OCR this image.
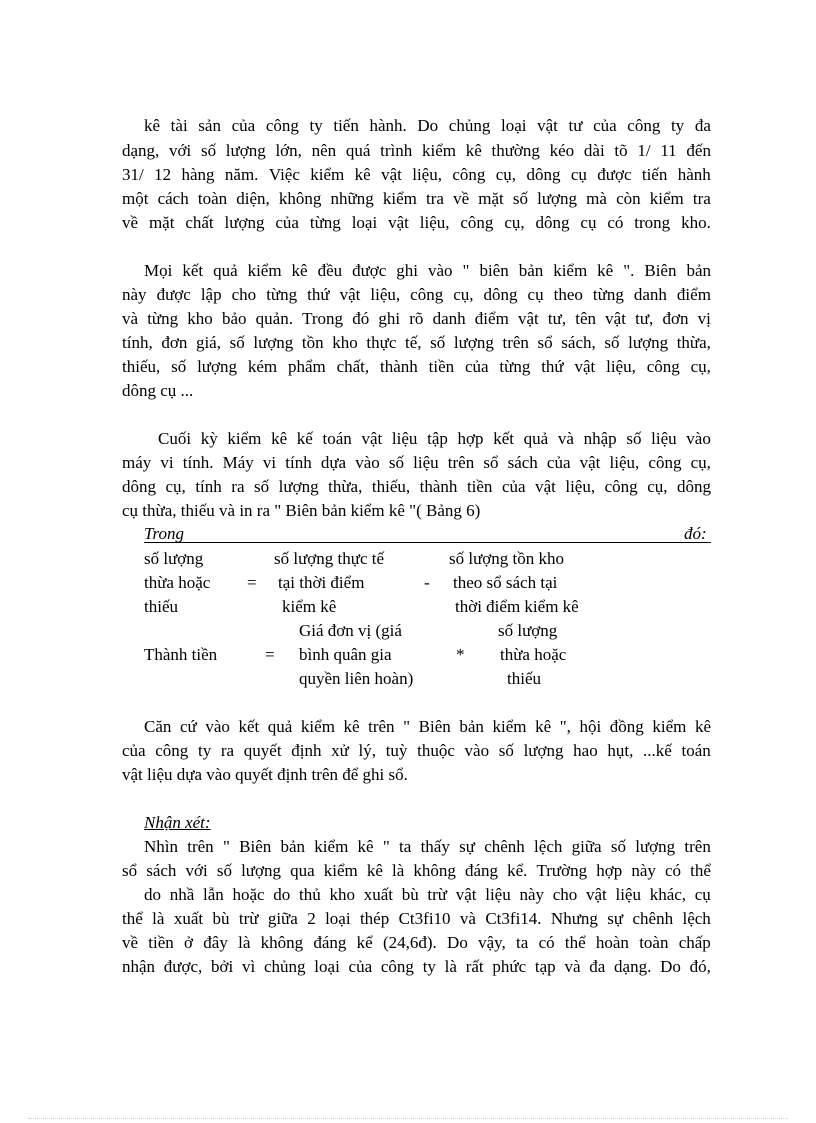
kê tài sản của công ty tiến hành. Do chủng loại vật tư của công ty đa
dạng, với số lượng lớn, nên quá trình kiểm kê thường kéo dài tõ 1/ 11 đến
31/ 12 hàng năm. Việc kiểm kê vật liệu, công cụ, dông cụ được tiến hành
một cách toàn diện, không những kiểm tra về mặt số lượng mà còn kiểm tra
về mặt chất lượng của từng loại vật liệu, công cụ, dông cụ có trong kho.
Mọi kết quả kiểm kê đều được ghi vào " biên bản kiểm kê ". Biên bản
này được lập cho từng thứ vật liệu, công cụ, dông cụ theo từng danh điểm
và từng kho bảo quản. Trong đó ghi rõ danh điểm vật tư, tên vật tư, đơn vị
tính, đơn giá, số lượng tồn kho thực tế, số lượng trên sổ sách, số lượng thừa,
thiếu, số lượng kém phẩm chất, thành tiền của từng thứ vật liệu, công cụ,
dông cụ ...
Cuối kỳ kiểm kê kế toán vật liệu tập hợp kết quả và nhập số liệu vào
máy vi tính. Máy vi tính dựa vào số liệu trên sổ sách của vật liệu, công cụ,
dông cụ, tính ra số lượng thừa, thiếu, thành tiền của vật liệu, công cụ, dông
cụ thừa, thiếu và in ra " Biên bản kiểm kê "( Bảng 6)
Trong	đó:
số lượng
thừa hoặc
thiếu
=
số lượng thực tế
tại thời điểm
kiểm kê
-
số lượng tồn kho
theo sổ sách tại
thời điểm kiểm kê
Thành tiền	=
Giá đơn vị (giá
bình quân gia
quyền liên hoàn)
*
số lượng
thừa hoặc
thiếu
Căn cứ vào kết quả kiểm kê trên " Biên bản kiểm kê ", hội đồng kiểm kê
của công ty ra quyết định xử lý, tuỳ thuộc vào số lượng hao hụt, ...kế toán
vật liệu dựa vào quyết định trên để ghi sổ.
Nhận xét:
Nhìn trên " Biên bản kiểm kê " ta thấy sự chênh lệch giữa số lượng trên
sổ sách với số lượng qua kiểm kê là không đáng kể. Trường hợp này có thể
do nhầ lẫn hoặc do thủ kho xuất bù trừ vật liệu này cho vật liệu khác, cụ
thể là xuất bù trừ giữa 2 loại thép Ct3fi10 và Ct3fi14. Nhưng sự chênh lệch
về tiền ở đây là không đáng kể (24,6đ). Do vậy, ta có thể hoàn toàn chấp
nhận được, bởi vì chủng loại của công ty là rất phức tạp và đa dạng. Do đó,
